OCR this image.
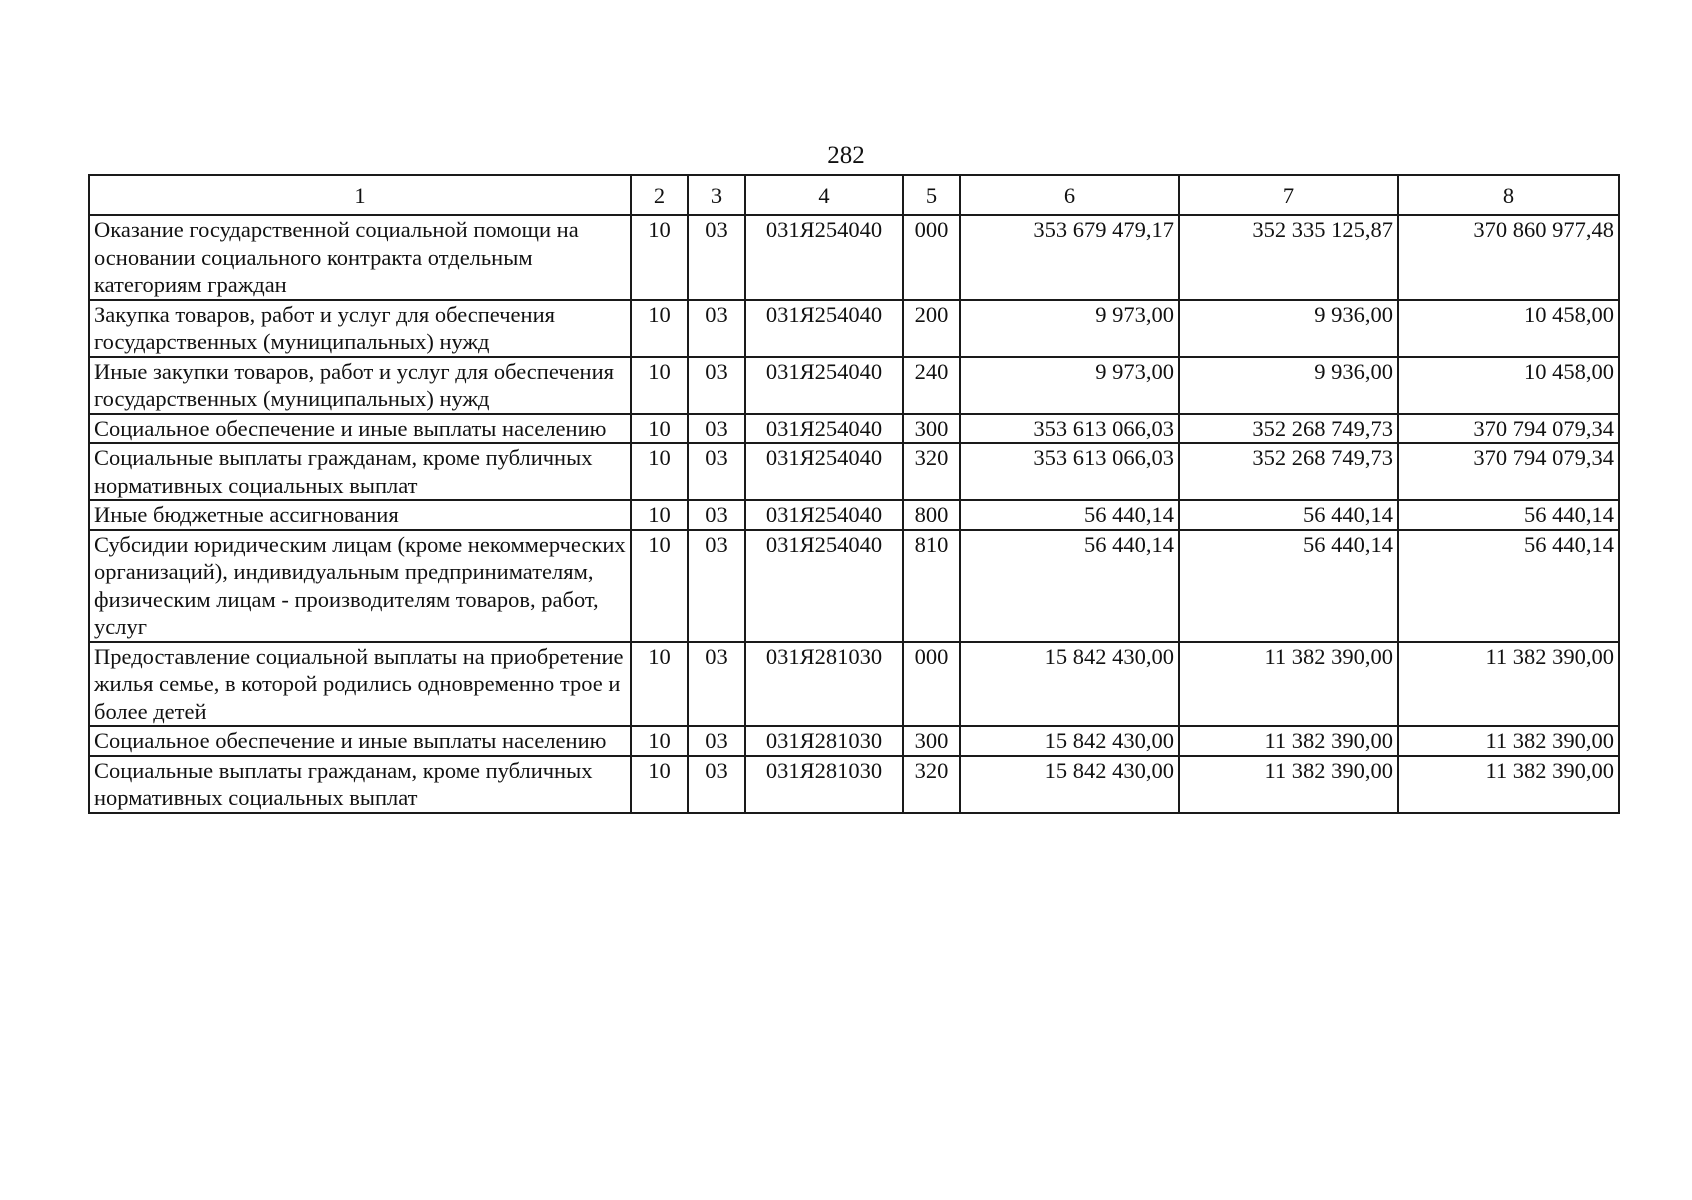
282
1	2	3	4	5	6	7	8
Оказание государственной социальной помощи на основании социального контракта отдельным категориям граждан	10	03	031Я254040	000	353 679 479,17	352 335 125,87	370 860 977,48
Закупка товаров, работ и услуг для обеспечения государственных (муниципальных) нужд	10	03	031Я254040	200	9 973,00	9 936,00	10 458,00
Иные закупки товаров, работ и услуг для обеспечения государственных (муниципальных) нужд	10	03	031Я254040	240	9 973,00	9 936,00	10 458,00
Социальное обеспечение и иные выплаты населению	10	03	031Я254040	300	353 613 066,03	352 268 749,73	370 794 079,34
Социальные выплаты гражданам, кроме публичных нормативных социальных выплат	10	03	031Я254040	320	353 613 066,03	352 268 749,73	370 794 079,34
Иные бюджетные ассигнования	10	03	031Я254040	800	56 440,14	56 440,14	56 440,14
Субсидии юридическим лицам (кроме некоммерческих организаций), индивидуальным предпринимателям, физическим лицам - производителям товаров, работ, услуг	10	03	031Я254040	810	56 440,14	56 440,14	56 440,14
Предоставление социальной выплаты на приобретение жилья семье, в которой родились одновременно трое и более детей	10	03	031Я281030	000	15 842 430,00	11 382 390,00	11 382 390,00
Социальное обеспечение и иные выплаты населению	10	03	031Я281030	300	15 842 430,00	11 382 390,00	11 382 390,00
Социальные выплаты гражданам, кроме публичных нормативных социальных выплат	10	03	031Я281030	320	15 842 430,00	11 382 390,00	11 382 390,00
